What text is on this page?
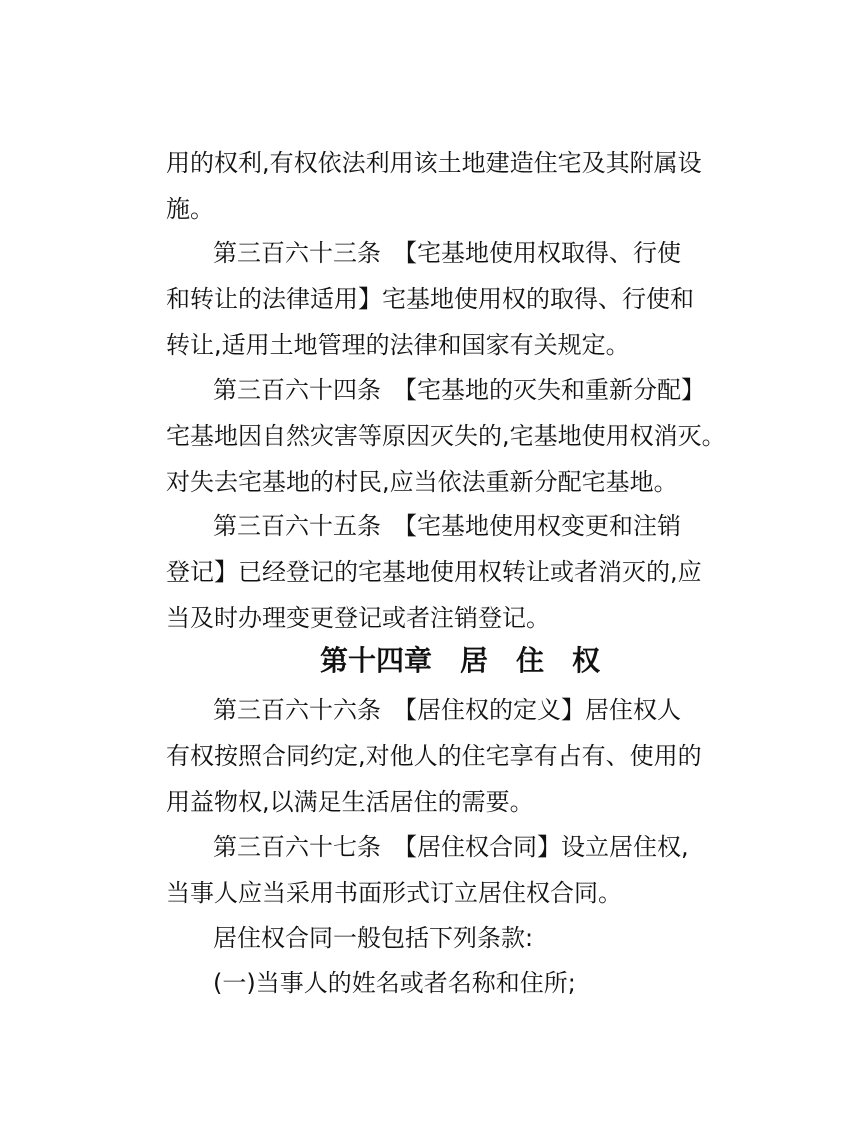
用的权利,有权依法利用该土地建造住宅及其附属设
施。
第三百六十三条　【宅基地使用权取得、行使
和转让的法律适用】宅基地使用权的取得、行使和
转让,适用土地管理的法律和国家有关规定。
第三百六十四条　【宅基地的灭失和重新分配】
宅基地因自然灾害等原因灭失的,宅基地使用权消灭。
对失去宅基地的村民,应当依法重新分配宅基地。
第三百六十五条　【宅基地使用权变更和注销
登记】已经登记的宅基地使用权转让或者消灭的,应
当及时办理变更登记或者注销登记。
第十四章　居　住　权
第三百六十六条　【居住权的定义】居住权人
有权按照合同约定,对他人的住宅享有占有、使用的
用益物权,以满足生活居住的需要。
第三百六十七条　【居住权合同】设立居住权,
当事人应当采用书面形式订立居住权合同。
居住权合同一般包括下列条款:
(一)当事人的姓名或者名称和住所;
